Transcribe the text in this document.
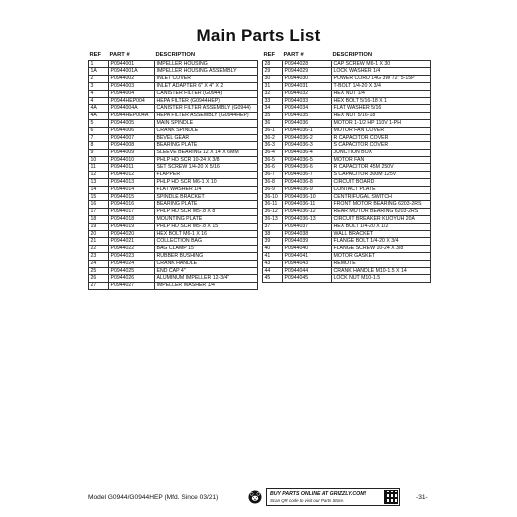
Main Parts List
REF	PART #	DESCRIPTION
1	P0944001	IMPELLER HOUSING
1A	P0944001A	IMPELLER HOUSING ASSEMBLY
2	P0944002	INLET COVER
3	P0944003	INLET ADAPTER 6" X 4" X 2
4	P0944004	CANISTER FILTER (G0944)
4	P0944HEP004	HEPA FILTER (G0944HEP)
4A	P0944004A	CANISTER FILTER ASSEMBLY (G0944)
4A	P0944HEP004A	HEPA FILTER ASSEMBLY (G0944HEP)
5	P0944005	MAIN SPINDLE
6	P0944006	CRANK SPINDLE
7	P0944007	BEVEL GEAR
8	P0944008	BEARING PLATE
9	P0944009	SLEEVE BEARING 12 X 14 X 6MM
10	P0944010	PHLP HD SCR 10-24 X 3/8
11	P0944011	SET SCREW 1/4-20 X 5/16
12	P0944012	FLAPPER
13	P0944013	PHLP HD SCR M6-1 X 10
14	P0944014	FLAT WASHER 1/4
15	P0944015	SPINDLE BRACKET
16	P0944016	BEARING PLATE
17	P0944017	PHLP HD SCR M5-.8 X 8
18	P0944018	MOUNTING PLATE
19	P0944019	PHLP HD SCR M5-.8 X 15
20	P0944020	HEX BOLT M6-1 X 16
21	P0944021	COLLECTION BAG
22	P0944022	BAG CLAMP 15"
23	P0944023	RUBBER BUSHING
24	P0944024	CRANK HANDLE
25	P0944025	END CAP 4"
26	P0944026	ALUMINUM IMPELLER 12-3/4"
27	P0944027	IMPELLER WASHER 1/4
REF	PART #	DESCRIPTION
28	P0944028	CAP SCREW M6-1 X 30
29	P0944029	LOCK WASHER 1/4
30	P0944030	POWER CORD 14G 3W 72" 5-15P
31	P0944031	T-BOLT 1/4-20 X 3/4
32	P0944032	HEX NUT 1/4
33	P0944033	HEX BOLT 5/16-18 X 1
34	P0944034	FLAT WASHER 5/16
35	P0944035	HEX NUT 5/16-18
36	P0944036	MOTOR 1-1/2 HP 110V 1-PH
36-1	P0944036-1	MOTOR FAN COVER
36-2	P0944036-2	R CAPACITOR COVER
36-3	P0944036-3	S CAPACITOR COVER
36-4	P0944036-4	JUNCTION BOX
36-5	P0944036-5	MOTOR FAN
36-6	P0944036-6	R CAPACITOR 45M 250V
36-7	P0944036-7	S CAPACITOR 300M 125V
36-8	P0944036-8	CIRCUIT BOARD
36-9	P0944036-9	CONTACT PLATE
36-10	P0944036-10	CENTRIFUGAL SWITCH
36-11	P0944036-11	FRONT MOTOR BEARING 6203-2RS
36-12	P0944036-12	REAR MOTOR BEARING 6203-2RS
36-13	P0944036-13	CIRCUIT BREAKER KUOYUH 20A
37	P0944037	HEX BOLT 1/4-20 X 1/2
38	P0944038	WALL BRACKET
39	P0944039	FLANGE BOLT 1/4-20 X 3/4
40	P0944040	FLANGE SCREW 10-24 X 3/8
41	P0944041	MOTOR GASKET
43	P0944043	REMOTE
44	P0944044	CRANK HANDLE M10-1.5 X 14
45	P0944045	LOCK NUT M10-1.5
Model G0944/G0944HEP (Mfd. Since 03/21)	BUY PARTS ONLINE AT GRIZZLY.COM!
Scan QR code to visit our Parts Store.	-31-
